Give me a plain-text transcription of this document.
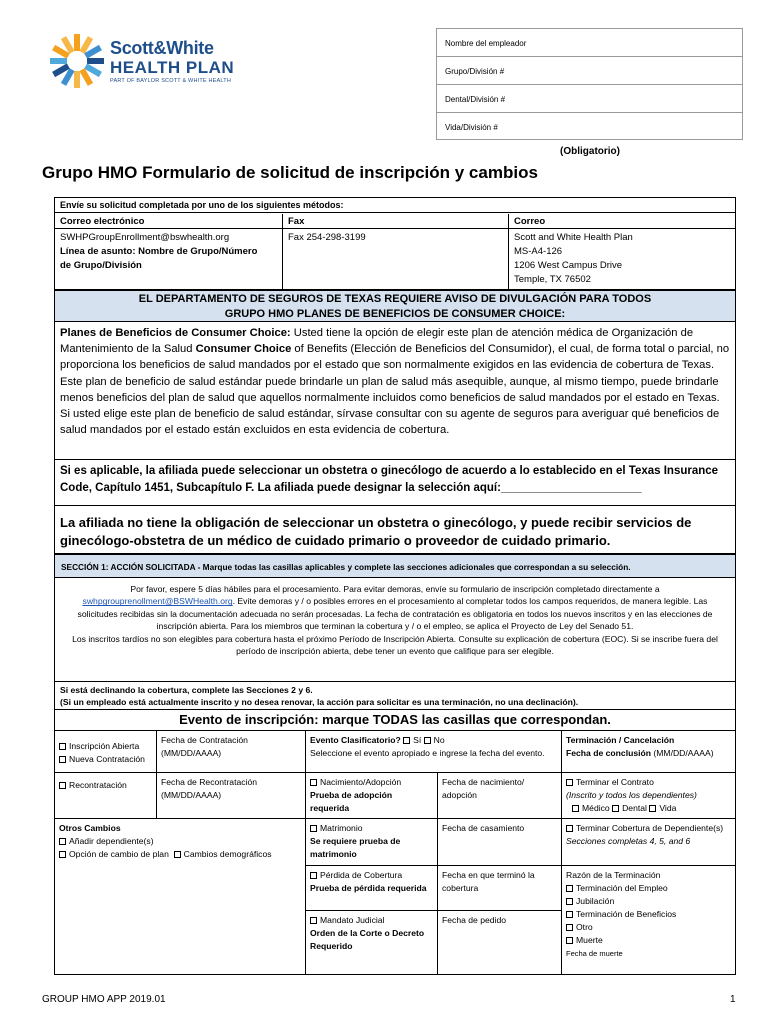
Scott&White
HEALTH PLAN
PART OF BAYLOR SCOTT & WHITE HEALTH
Nombre del empleador
Grupo/División #
Dental/División #
Vida/División #
(Obligatorio)
Grupo HMO Formulario de solicitud de inscripción y cambios
Envíe su solicitud completada por uno de los siguientes métodos:
Correo electrónico
SWHPGroupEnrollment@bswhealth.org
Línea de asunto: Nombre de Grupo/Número
de Grupo/División
Fax
Fax 254-298-3199
Correo
Scott and White Health Plan
MS-A4-126
1206 West Campus Drive
Temple, TX 76502
EL DEPARTAMENTO DE SEGUROS DE TEXAS REQUIERE AVISO DE DIVULGACIÓN PARA TODOS
GRUPO HMO PLANES DE BENEFICIOS DE CONSUMER CHOICE:
Planes de Beneficios de Consumer Choice: Usted tiene la opción de elegir este plan de atención médica de Organización de Mantenimiento de la Salud Consumer Choice of Benefits (Elección de Beneficios del Consumidor), el cual, de forma total o parcial, no proporciona los beneficios de salud mandados por el estado que son normalmente exigidos en las evidencia de cobertura de Texas. Este plan de beneficio de salud estándar puede brindarle un plan de salud más asequible, aunque, al mismo tiempo, puede brindarle menos beneficios del plan de salud que aquellos normalmente incluidos como beneficios de salud mandados por el estado en Texas. Si usted elige este plan de beneficio de salud estándar, sírvase consultar con su agente de seguros para averiguar qué beneficios de salud mandados por el estado están excluidos en esta evidencia de cobertura.
Si es aplicable, la afiliada puede seleccionar un obstetra o ginecólogo de acuerdo a lo establecido en el Texas Insurance Code, Capítulo 1451, Subcapítulo F. La afiliada puede designar la selección aquí:______________________
La afiliada no tiene la obligación de seleccionar un obstetra o ginecólogo, y puede recibir servicios de ginecólogo-obstetra de un médico de cuidado primario o proveedor de cuidado primario.
SECCIÓN 1: ACCIÓN SOLICITADA - Marque todas las casillas aplicables y complete las secciones adicionales que correspondan a su selección.
Por favor, espere 5 días hábiles para el procesamiento. Para evitar demoras, envíe su formulario de inscripción completado directamente a swhpgrouprenollment@BSWHealth.org. Evite demoras y / o posibles errores en el procesamiento al completar todos los campos requeridos, de manera legible. Las solicitudes recibidas sin la documentación adecuada no serán procesadas. La fecha de contratación es obligatoria en todos los nuevos inscritos y en las elecciones de inscripción abierta. Para los miembros que terminan la cobertura y / o el empleo, se aplica el Proyecto de Ley del Senado 51.
Los inscritos tardíos no son elegibles para cobertura hasta el próximo Período de Inscripción Abierta. Consulte su explicación de cobertura (EOC). Si se inscribe fuera del período de inscripción abierta, debe tener un evento que califique para ser elegible.
Si está declinando la cobertura, complete las Secciones 2 y 6.
(Si un empleado está actualmente inscrito y no desea renovar, la acción para solicitar es una terminación, no una declinación).
Evento de inscripción: marque TODAS las casillas que correspondan.
Inscripción Abierta
Nueva Contratación
Fecha de Contratación (MM/DD/AAAA)
Recontratación	Fecha de Recontratación (MM/DD/AAAA)
Otros Cambios
Añadir dependiente(s)
Opción de cambio de plan Cambios demográficos
Evento Clasificatorio? Sí No
Seleccione el evento apropiado e ingrese la fecha del evento.
Nacimiento/Adopción
Prueba de adopción requerida
Fecha de nacimiento/ adopción
Matrimonio
Se requiere prueba de matrimonio
Fecha de casamiento
Pérdida de Cobertura
Prueba de pérdida requerida
Fecha en que terminó la cobertura
Mandato Judicial
Orden de la Corte o Decreto Requerido
Fecha de pedido
Terminación / Cancelación
Fecha de conclusión (MM/DD/AAAA)
Terminar el Contrato
(Inscrito y todos los dependientes)
Médico Dental Vida
Terminar Cobertura de Dependiente(s)
Secciones completas 4, 5, and 6
Razón de la Terminación
Terminación del Empleo
Jubilación
Terminación de Beneficios
Otro
Muerte
Fecha de muerte
GROUP HMO APP 2019.01	1
